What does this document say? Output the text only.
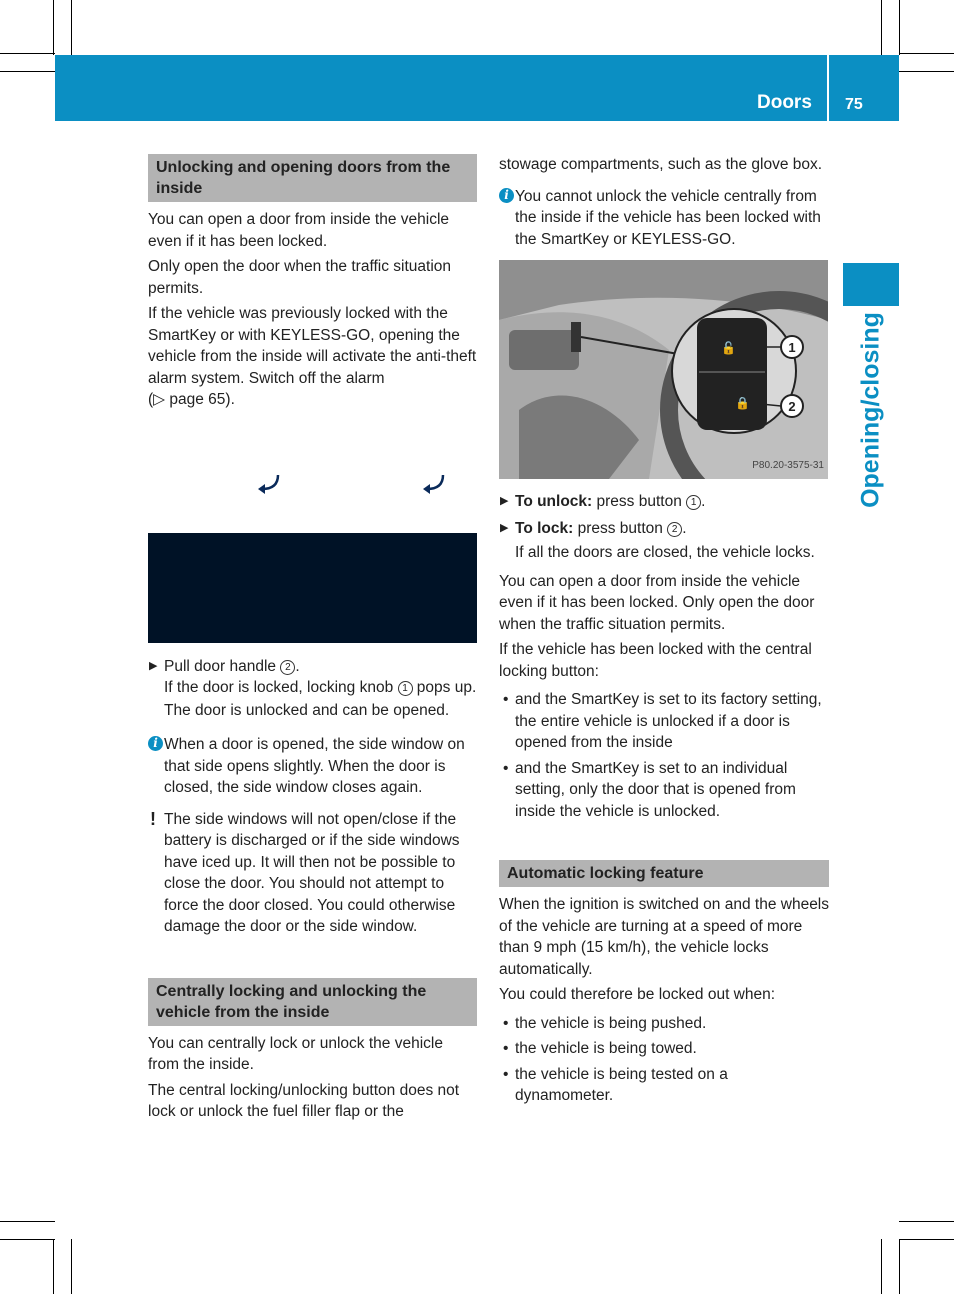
Doors 75
Opening/closing
Unlocking and opening doors from the inside

You can open a door from inside the vehicle even if it has been locked.

Only open the door when the traffic situation permits.

If the vehicle was previously locked with the SmartKey or with KEYLESS-GO, opening the vehicle from the inside will activate the anti-theft alarm system. Switch off the alarm
(▷ page 65).

▶ Pull door handle 2 .

If the door is locked, locking knob 1 pops up. The door is unlocked and can be opened.

i When a door is opened, the side window on that side opens slightly. When the door is closed, the side window closes again.
! The side windows will not open/close if the battery is discharged or if the side windows have iced up. It will then not be possible to close the door. You should not attempt to force the door closed. You could otherwise damage the door or the side window.
Centrally locking and unlocking the vehicle from the inside

You can centrally lock or unlock the vehicle from the inside.

The central locking/unlocking button does not lock or unlock the fuel filler flap or the

stowage compartments, such as the glove box.

i You cannot unlock the vehicle centrally from the inside if the vehicle has been locked with the SmartKey or KEYLESS-GO.
🔓
🔒
1
2
P80.20-3575-31
▶ To unlock: press button 1 .
▶ To lock: press button 2 .

If all the doors are closed, the vehicle locks.

You can open a door from inside the vehicle even if it has been locked. Only open the door when the traffic situation permits.

If the vehicle has been locked with the central locking button:

• and the SmartKey is set to its factory setting, the entire vehicle is unlocked if a door is opened from the inside
• and the SmartKey is set to an individual setting, only the door that is opened from inside the vehicle is unlocked.
Automatic locking feature

When the ignition is switched on and the wheels of the vehicle are turning at a speed of more than 9 mph (15 km/h), the vehicle locks automatically.

You could therefore be locked out when:

• the vehicle is being pushed.
• the vehicle is being towed.
• the vehicle is being tested on a dynamometer.
